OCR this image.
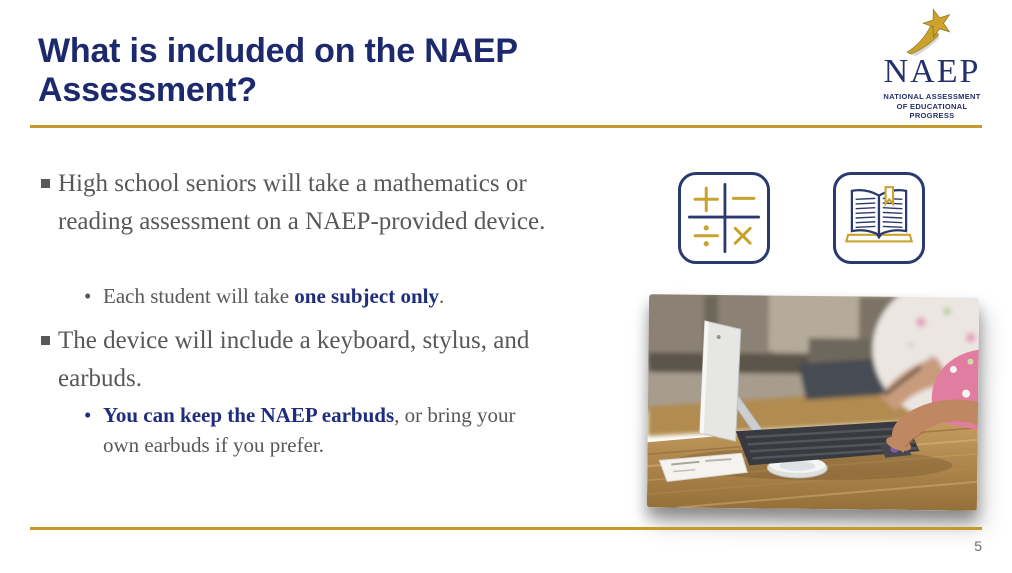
What is included on the NAEP
Assessment?	NAEP
NATIONAL ASSESSMENT
OF EDUCATIONAL
PROGRESS
High school seniors will take a mathematics or reading assessment on a NAEP-provided device.
• Each student will take one subject only.
The device will include a keyboard, stylus, and earbuds.
• You can keep the NAEP earbuds, or bring your own earbuds if you prefer.
5
